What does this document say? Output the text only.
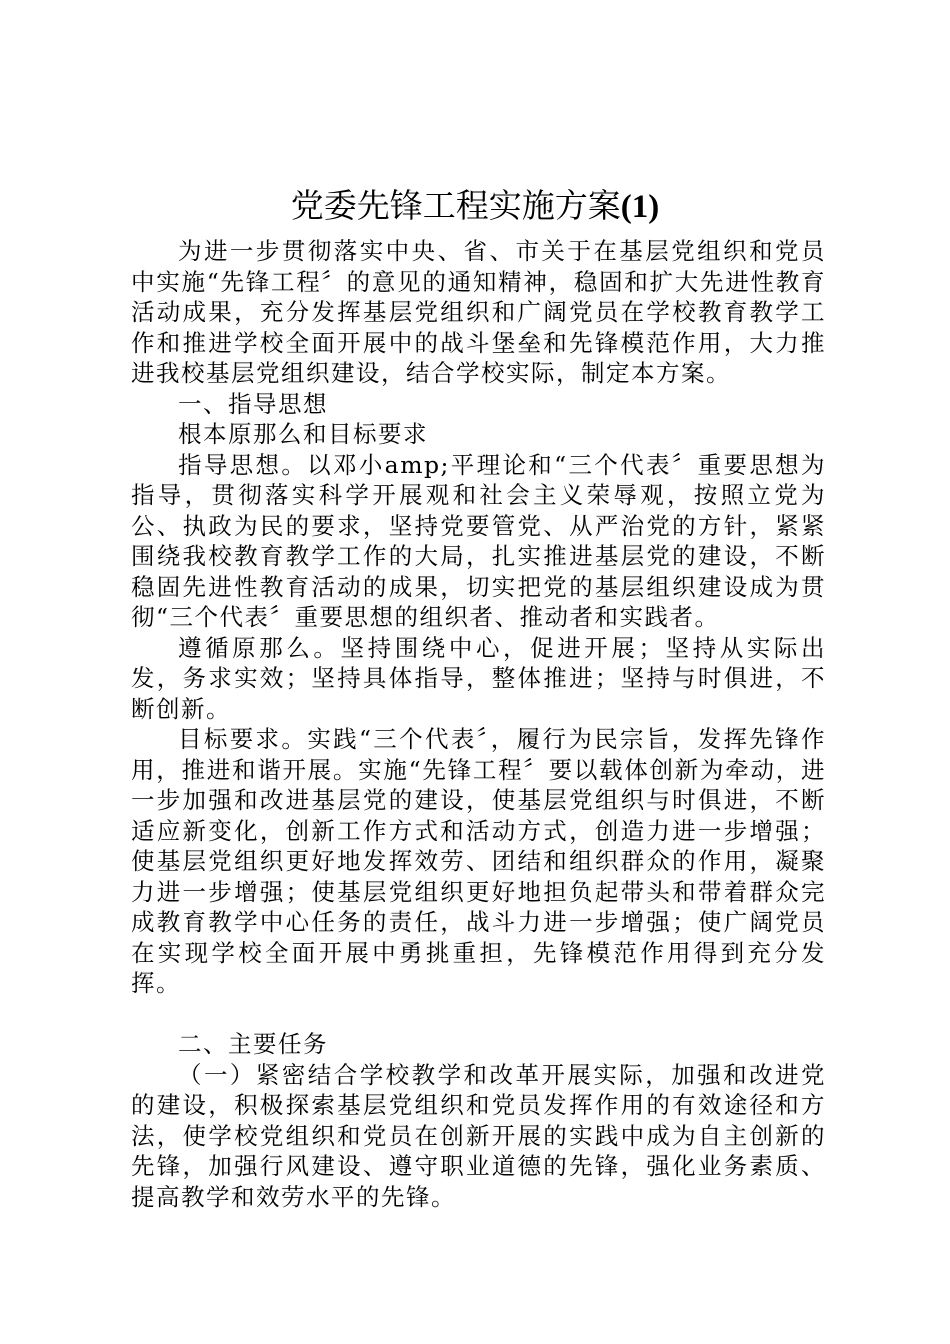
党委先锋工程实施方案(1)

为进一步贯彻落实中央、省、市关于在基层党组织和党员中实施“先锋工程〞的意见的通知精神，稳固和扩大先进性教育活动成果，充分发挥基层党组织和广阔党员在学校教育教学工作和推进学校全面开展中的战斗堡垒和先锋模范作用，大力推进我校基层党组织建设，结合学校实际，制定本方案。

一、指导思想

根本原那么和目标要求

指导思想。以邓小amp;平理论和“三个代表〞重要思想为指导，贯彻落实科学开展观和社会主义荣辱观，按照立党为公、执政为民的要求，坚持党要管党、从严治党的方针，紧紧围绕我校教育教学工作的大局，扎实推进基层党的建设，不断稳固先进性教育活动的成果，切实把党的基层组织建设成为贯彻“三个代表〞重要思想的组织者、推动者和实践者。

遵循原那么。坚持围绕中心，促进开展；坚持从实际出发，务求实效；坚持具体指导，整体推进；坚持与时俱进，不断创新。

目标要求。实践“三个代表〞，履行为民宗旨，发挥先锋作用，推进和谐开展。实施“先锋工程〞要以载体创新为牵动，进一步加强和改进基层党的建设，使基层党组织与时俱进，不断适应新变化，创新工作方式和活动方式，创造力进一步增强；使基层党组织更好地发挥效劳、团结和组织群众的作用，凝聚力进一步增强；使基层党组织更好地担负起带头和带着群众完成教育教学中心任务的责任，战斗力进一步增强；使广阔党员在实现学校全面开展中勇挑重担，先锋模范作用得到充分发挥。

二、主要任务

（一）紧密结合学校教学和改革开展实际，加强和改进党的建设，积极探索基层党组织和党员发挥作用的有效途径和方法，使学校党组织和党员在创新开展的实践中成为自主创新的先锋，加强行风建设、遵守职业道德的先锋，强化业务素质、提高教学和效劳水平的先锋。
